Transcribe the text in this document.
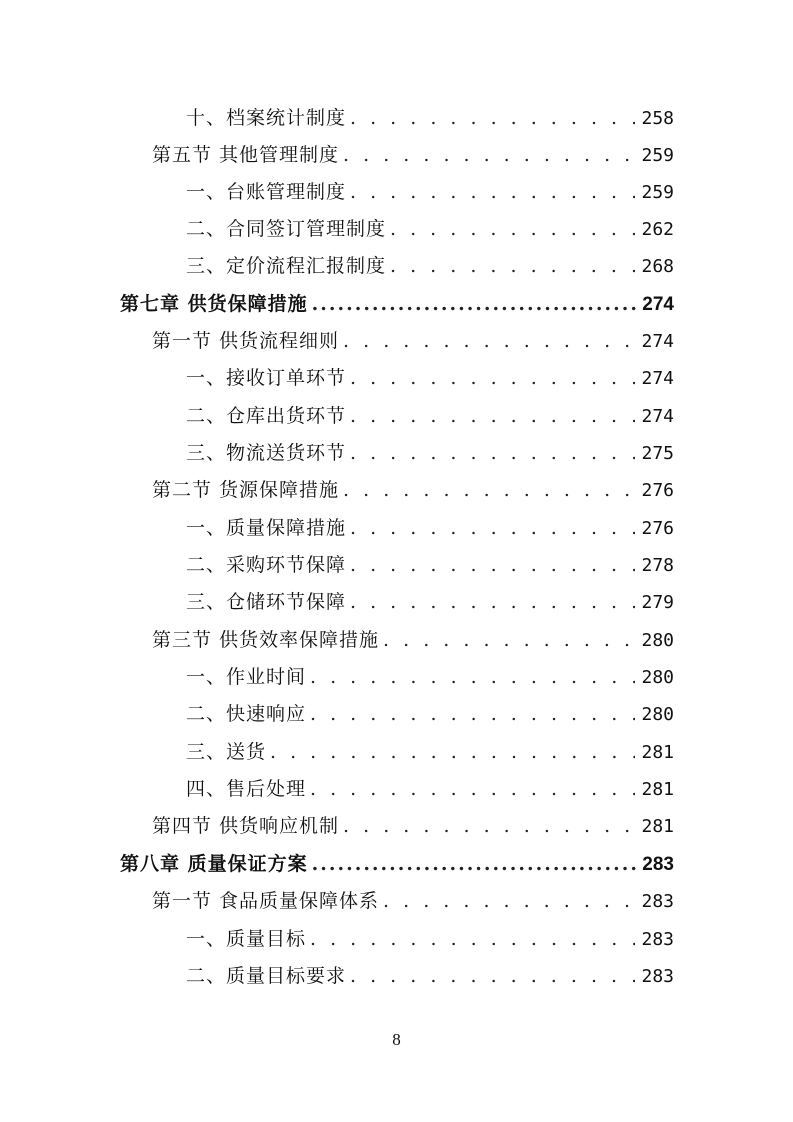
十、档案统计制度 . . .	258
第五节 其他管理制度 . . .	259
一、台账管理制度 . . .	259
二、合同签订管理制度 . . .	262
三、定价流程汇报制度 . . .	268
第七章 供货保障措施 .....	274
第一节 供货流程细则 . . .	274
一、接收订单环节 . . .	274
二、仓库出货环节 . . .	274
三、物流送货环节 . . .	275
第二节 货源保障措施 . . .	276
一、质量保障措施 . . .	276
二、采购环节保障 . . .	278
三、仓储环节保障 . . .	279
第三节 供货效率保障措施 . . .	280
一、作业时间 . . .	280
二、快速响应 . . .	280
三、送货 . . .	281
四、售后处理 . . .	281
第四节 供货响应机制 . . .	281
第八章 质量保证方案 .....	283
第一节 食品质量保障体系 . . .	283
一、质量目标 . . .	283
二、质量目标要求 . . .	283
8
